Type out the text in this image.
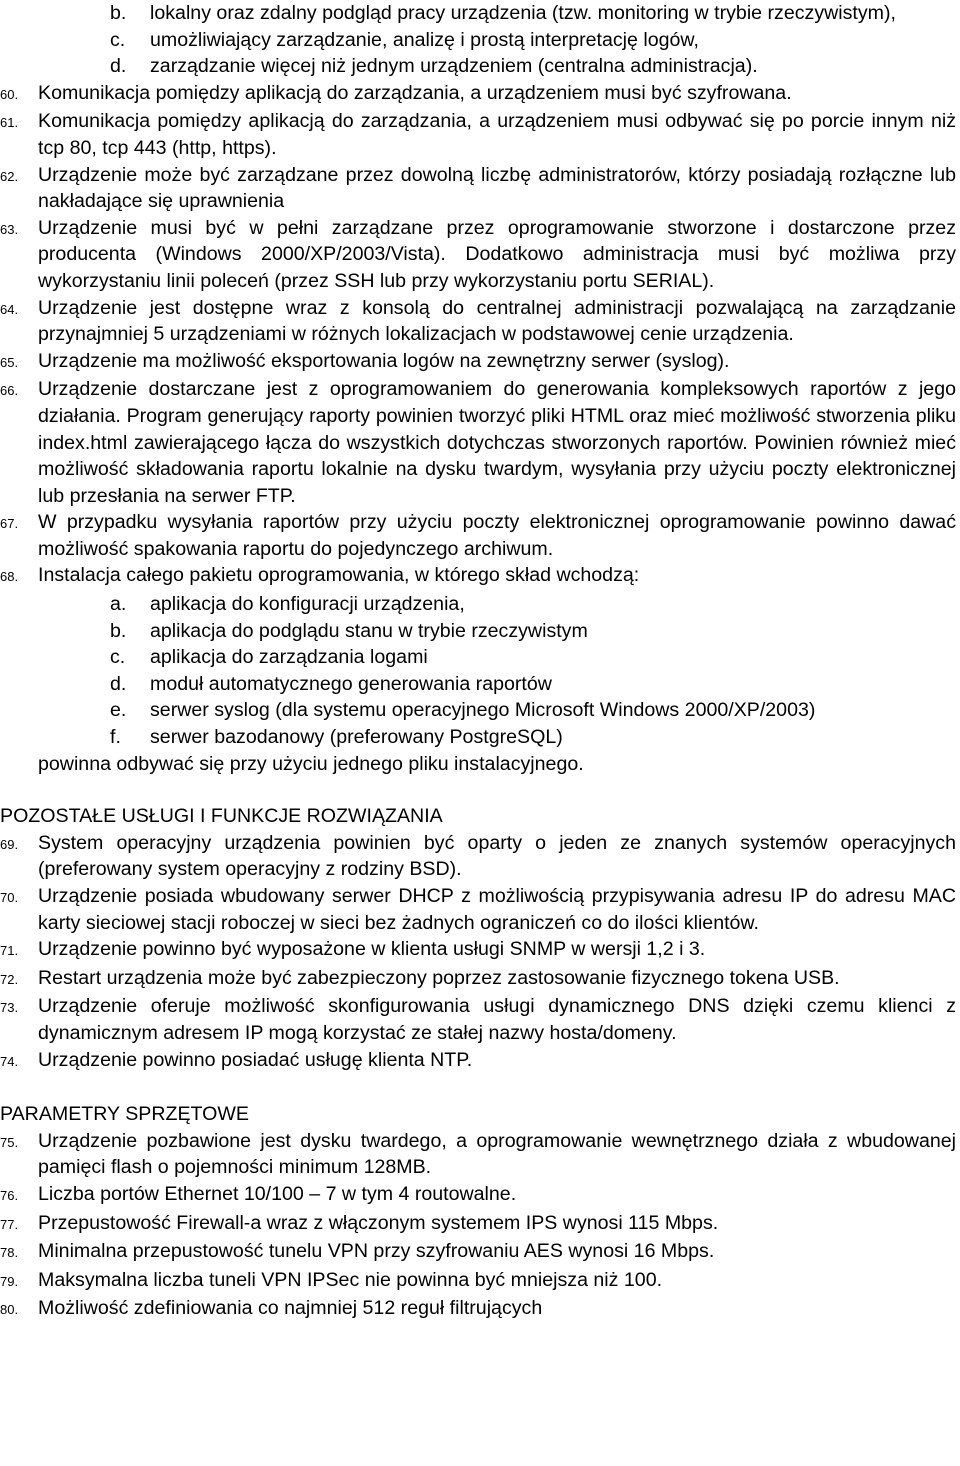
b.	lokalny oraz zdalny podgląd pracy urządzenia (tzw. monitoring w trybie rzeczywistym),
c.	umożliwiający zarządzanie, analizę i prostą interpretację logów,
d.	zarządzanie więcej niż jednym urządzeniem (centralna administracja).
60.	Komunikacja pomiędzy aplikacją do zarządzania, a urządzeniem musi być szyfrowana.
61.	Komunikacja pomiędzy aplikacją do zarządzania, a urządzeniem musi odbywać się po porcie innym niż tcp 80, tcp 443 (http, https).
62.	Urządzenie może być zarządzane przez dowolną liczbę administratorów, którzy posiadają rozłączne lub nakładające się uprawnienia
63.	Urządzenie musi być w pełni zarządzane przez oprogramowanie stworzone i dostarczone przez producenta (Windows 2000/XP/2003/Vista). Dodatkowo administracja musi być możliwa przy wykorzystaniu linii poleceń (przez SSH lub przy wykorzystaniu portu SERIAL).
64.	Urządzenie jest dostępne wraz z konsolą do centralnej administracji pozwalającą na zarządzanie przynajmniej 5 urządzeniami w różnych lokalizacjach w podstawowej cenie urządzenia.
65.	Urządzenie ma możliwość eksportowania logów na zewnętrzny serwer (syslog).
66.	Urządzenie dostarczane jest z oprogramowaniem do generowania kompleksowych raportów z jego działania. Program generujący raporty powinien tworzyć pliki HTML oraz mieć możliwość stworzenia pliku index.html zawierającego łącza do wszystkich dotychczas stworzonych raportów. Powinien również mieć możliwość składowania raportu lokalnie na dysku twardym, wysyłania przy użyciu poczty elektronicznej lub przesłania na serwer FTP.
67.	W przypadku wysyłania raportów przy użyciu poczty elektronicznej oprogramowanie powinno dawać możliwość spakowania raportu do pojedynczego archiwum.
68.	Instalacja całego pakietu oprogramowania, w którego skład wchodzą:
a.	aplikacja do konfiguracji urządzenia,
b.	aplikacja do podglądu stanu w trybie rzeczywistym
c.	aplikacja do zarządzania logami
d.	moduł automatycznego generowania raportów
e.	serwer syslog (dla systemu operacyjnego Microsoft Windows 2000/XP/2003)
f.	serwer bazodanowy (preferowany PostgreSQL)
powinna odbywać się przy użyciu jednego pliku instalacyjnego.
POZOSTAŁE USŁUGI I FUNKCJE ROZWIĄZANIA
69.	System operacyjny urządzenia powinien być oparty o jeden ze znanych systemów operacyjnych (preferowany system operacyjny z rodziny BSD).
70.	Urządzenie posiada wbudowany serwer DHCP z możliwością przypisywania adresu IP do adresu MAC karty sieciowej stacji roboczej w sieci bez żadnych ograniczeń co do ilości klientów.
71.	Urządzenie powinno być wyposażone w klienta usługi SNMP w wersji 1,2 i 3.
72.	Restart urządzenia może być zabezpieczony poprzez zastosowanie fizycznego tokena USB.
73.	Urządzenie oferuje możliwość skonfigurowania usługi dynamicznego DNS dzięki czemu klienci z dynamicznym adresem IP mogą korzystać ze stałej nazwy hosta/domeny.
74.	Urządzenie powinno posiadać usługę klienta NTP.
PARAMETRY SPRZĘTOWE
75.	Urządzenie pozbawione jest dysku twardego, a oprogramowanie wewnętrznego działa z wbudowanej pamięci flash o pojemności minimum 128MB.
76.	Liczba portów Ethernet 10/100 – 7 w tym 4 routowalne.
77.	Przepustowość Firewall-a wraz z włączonym systemem IPS wynosi 115 Mbps.
78.	Minimalna przepustowość tunelu VPN przy szyfrowaniu AES wynosi 16 Mbps.
79.	Maksymalna liczba tuneli VPN IPSec nie powinna być mniejsza niż 100.
80.	Możliwość zdefiniowania co najmniej 512 reguł filtrujących
